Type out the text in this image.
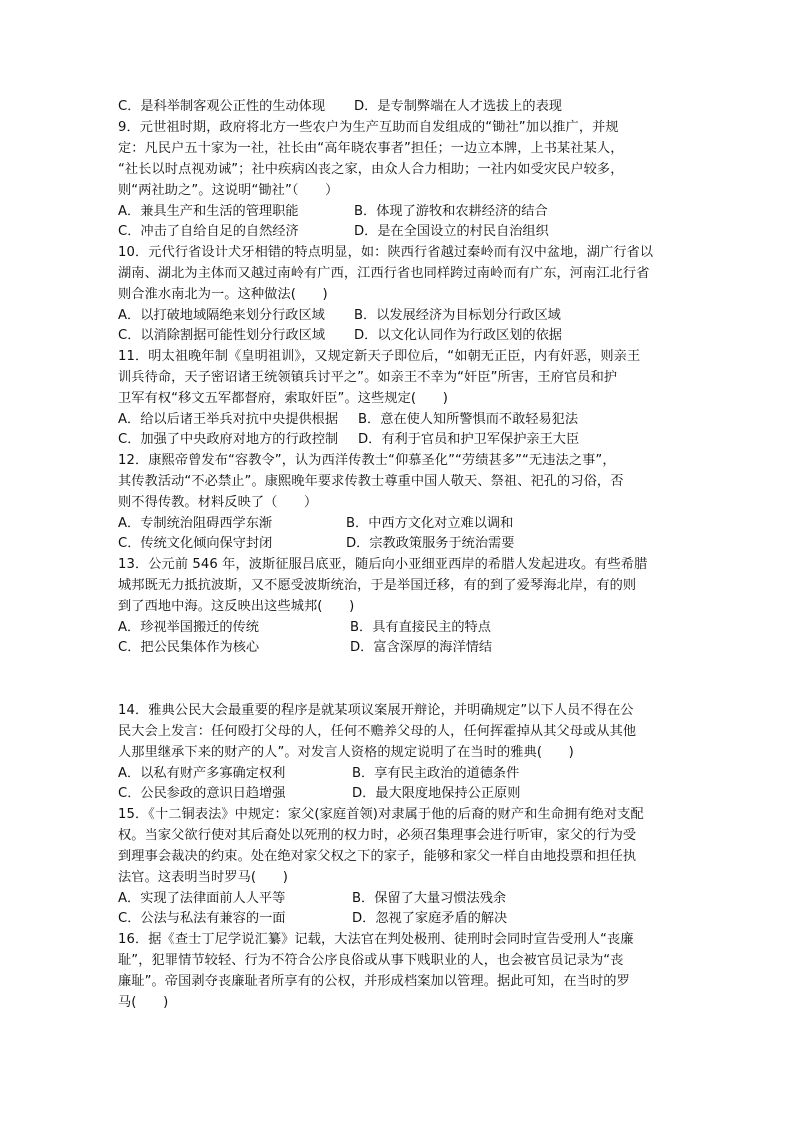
C．是科举制客观公正性的生动体现 D．是专制弊端在人才选拔上的表现
9．元世祖时期，政府将北方一些农户为生产互助而自发组成的“锄社”加以推广，并规
定：凡民户五十家为一社，社长由“高年晓农事者”担任；一边立本牌，上书某社某人，
“社长以时点视劝诫”；社中疾病凶丧之家，由众人合力相助；一社内如受灾民户较多，
则“两社助之”。这说明“锄社”（　　）
A．兼具生产和生活的管理职能	B．体现了游牧和农耕经济的结合
C．冲击了自给自足的自然经济	D．是在全国设立的村民自治组织
10．元代行省设计犬牙相错的特点明显，如：陕西行省越过秦岭而有汉中盆地，湖广行省以
湖南、湖北为主体而又越过南岭有广西，江西行省也同样跨过南岭而有广东，河南江北行省
则合淮水南北为一。这种做法(　　)
A．以打破地域隔绝来划分行政区域 B．以发展经济为目标划分行政区域
C．以消除割据可能性划分行政区域 D．以文化认同作为行政区划的依据
11．明太祖晚年制《皇明祖训》，又规定新天子即位后，“如朝无正臣，内有奸恶，则亲王
训兵待命，天子密诏诸王统领镇兵讨平之”。如亲王不幸为“奸臣”所害，王府官员和护
卫军有权“移文五军都督府，索取奸臣”。这些规定(　　)
A．给以后诸王举兵对抗中央提供根据 B．意在使人知所警惧而不敢轻易犯法
C．加强了中央政府对地方的行政控制 D．有利于官员和护卫军保护亲王大臣
12．康熙帝曾发布“容教令”，认为西洋传教士“仰慕圣化”“劳绩甚多”“无违法之事”，
其传教活动“不必禁止”。康熙晚年要求传教士尊重中国人敬天、祭祖、祀孔的习俗，否
则不得传教。材料反映了（　　）
A．专制统治阻碍西学东渐	B．中西方文化对立难以调和
C．传统文化倾向保守封闭	D．宗教政策服务于统治需要
13．公元前 546 年，波斯征服吕底亚，随后向小亚细亚西岸的希腊人发起进攻。有些希腊
城邦既无力抵抗波斯，又不愿受波斯统治，于是举国迁移，有的到了爱琴海北岸，有的则
到了西地中海。这反映出这些城邦(　　)
A．珍视举国搬迁的传统	B．具有直接民主的特点
C．把公民集体作为核心	D．富含深厚的海洋情结
14．雅典公民大会最重要的程序是就某项议案展开辩论，并明确规定”以下人员不得在公
民大会上发言：任何殴打父母的人，任何不赡养父母的人，任何挥霍掉从其父母或从其他
人那里继承下来的财产的人”。对发言人资格的规定说明了在当时的雅典(　　)
A．以私有财产多寡确定权利	B．享有民主政治的道德条件
C．公民参政的意识日趋增强	D．最大限度地保持公正原则
15．《十二铜表法》中规定：家父(家庭首领)对隶属于他的后裔的财产和生命拥有绝对支配
权。当家父欲行使对其后裔处以死刑的权力时，必须召集理事会进行听审，家父的行为受
到理事会裁决的约束。处在绝对家父权之下的家子，能够和家父一样自由地投票和担任执
法官。这表明当时罗马(　　)
A．实现了法律面前人人平等	B．保留了大量习惯法残余
C．公法与私法有兼容的一面	D．忽视了家庭矛盾的解决
16．据《查士丁尼学说汇纂》记载，大法官在判处极刑、徒刑时会同时宣告受刑人“丧廉
耻”，犯罪情节较轻、行为不符合公序良俗或从事下贱职业的人，也会被官员记录为“丧
廉耻”。帝国剥夺丧廉耻者所享有的公权，并形成档案加以管理。据此可知，在当时的罗
马(　　)
